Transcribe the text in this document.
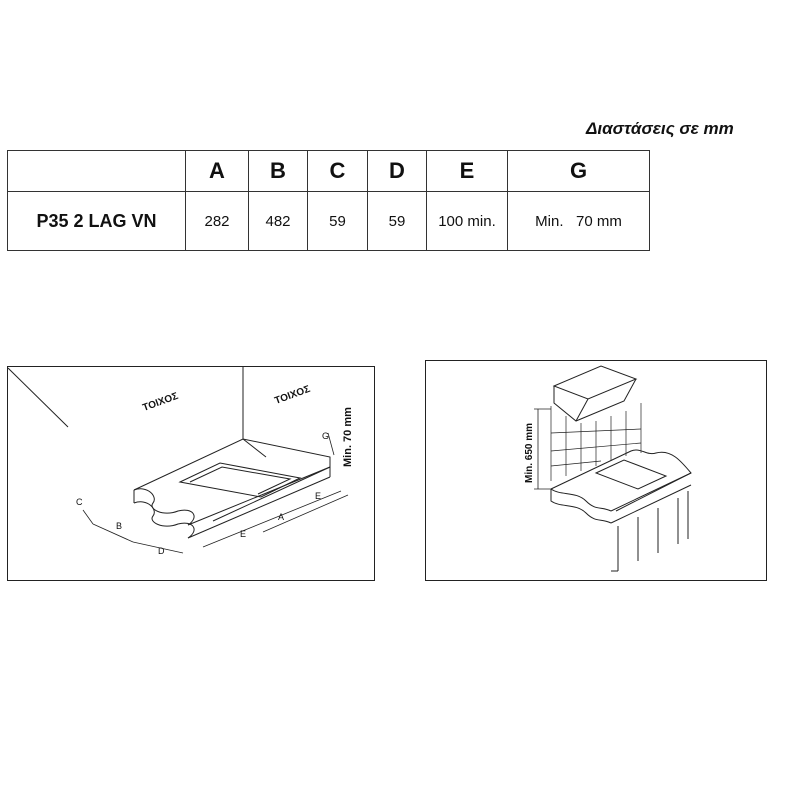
Διαστάσεις σε mm
	A	B	C	D	E	G
P35 2 LAG VN	282	482	59	59	100 min.	Min.   70 mm
ΤΟΙΧΟΣ	ΤΟΙΧΟΣ
Min. 70 mm
C
B
D
E
A
E
G	Min. 650 mm
